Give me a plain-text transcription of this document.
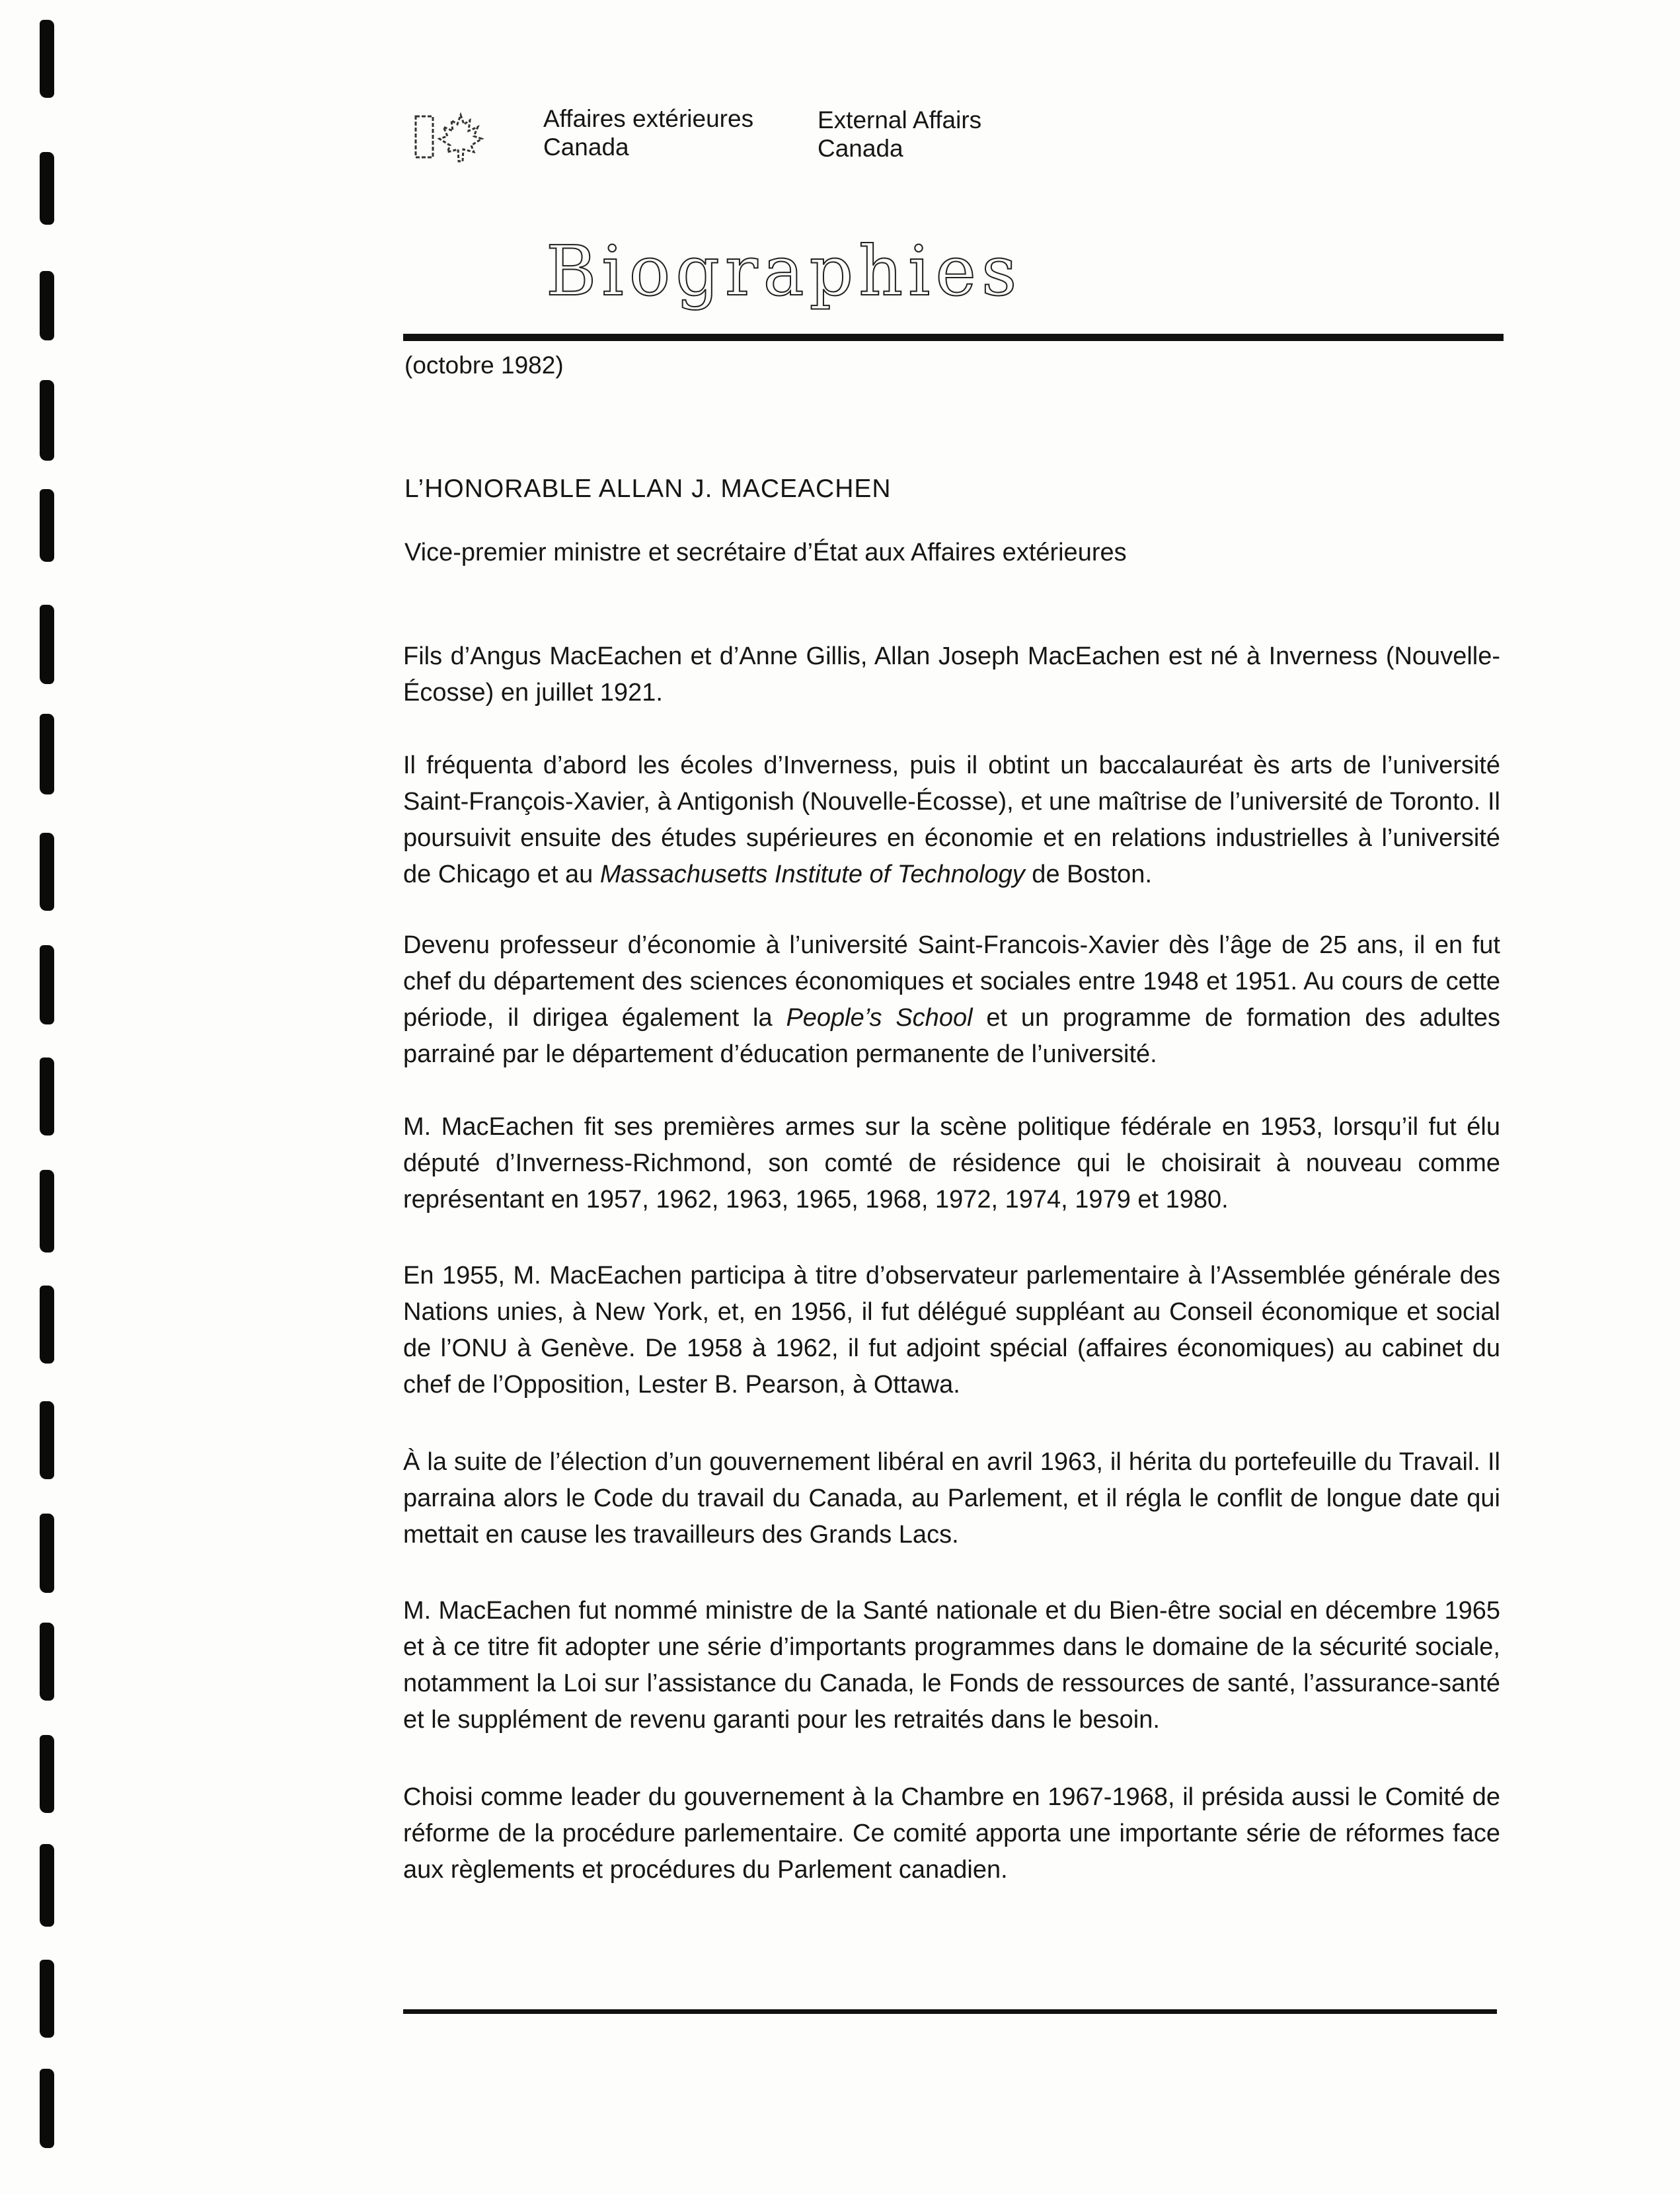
Affaires extérieures
Canada
External Affairs
Canada
Biographies
(octobre 1982)
L’HONORABLE ALLAN J. MACEACHEN
Vice-premier ministre et secrétaire d’État aux Affaires extérieures

Fils d’Angus MacEachen et d’Anne Gillis, Allan Joseph MacEachen est né à Inverness (Nouvelle-Écosse) en juillet 1921.

Il fréquenta d’abord les écoles d’Inverness, puis il obtint un baccalauréat ès arts de l’université Saint-François-Xavier, à Antigonish (Nouvelle-Écosse), et une maîtrise de l’université de Toronto. Il poursuivit ensuite des études supérieures en économie et en relations industrielles à l’université de Chicago et au Massachusetts Institute of Technology de Boston.

Devenu professeur d’économie à l’université Saint-Francois-Xavier dès l’âge de 25 ans, il en fut chef du département des sciences économiques et sociales entre 1948 et 1951. Au cours de cette période, il dirigea également la People’s School et un programme de formation des adultes parrainé par le département d’éducation permanente de l’université.

M. MacEachen fit ses premières armes sur la scène politique fédérale en 1953, lorsqu’il fut élu député d’Inverness-Richmond, son comté de résidence qui le choisirait à nouveau comme représentant en 1957, 1962, 1963, 1965, 1968, 1972, 1974, 1979 et 1980.

En 1955, M. MacEachen participa à titre d’observateur parlementaire à l’Assemblée générale des Nations unies, à New York, et, en 1956, il fut délégué suppléant au Conseil économique et social de l’ONU à Genève. De 1958 à 1962, il fut adjoint spécial (affaires économiques) au cabinet du chef de l’Opposition, Lester B. Pearson, à Ottawa.

À la suite de l’élection d’un gouvernement libéral en avril 1963, il hérita du portefeuille du Travail. Il parraina alors le Code du travail du Canada, au Parlement, et il régla le conflit de longue date qui mettait en cause les travailleurs des Grands Lacs.

M. MacEachen fut nommé ministre de la Santé nationale et du Bien-être social en décembre 1965 et à ce titre fit adopter une série d’importants programmes dans le domaine de la sécurité sociale, notamment la Loi sur l’assistance du Canada, le Fonds de ressources de santé, l’assurance-santé et le supplément de revenu garanti pour les retraités dans le besoin.

Choisi comme leader du gouvernement à la Chambre en 1967-1968, il présida aussi le Comité de réforme de la procédure parlementaire. Ce comité apporta une importante série de réformes face aux règlements et procédures du Parlement canadien.
